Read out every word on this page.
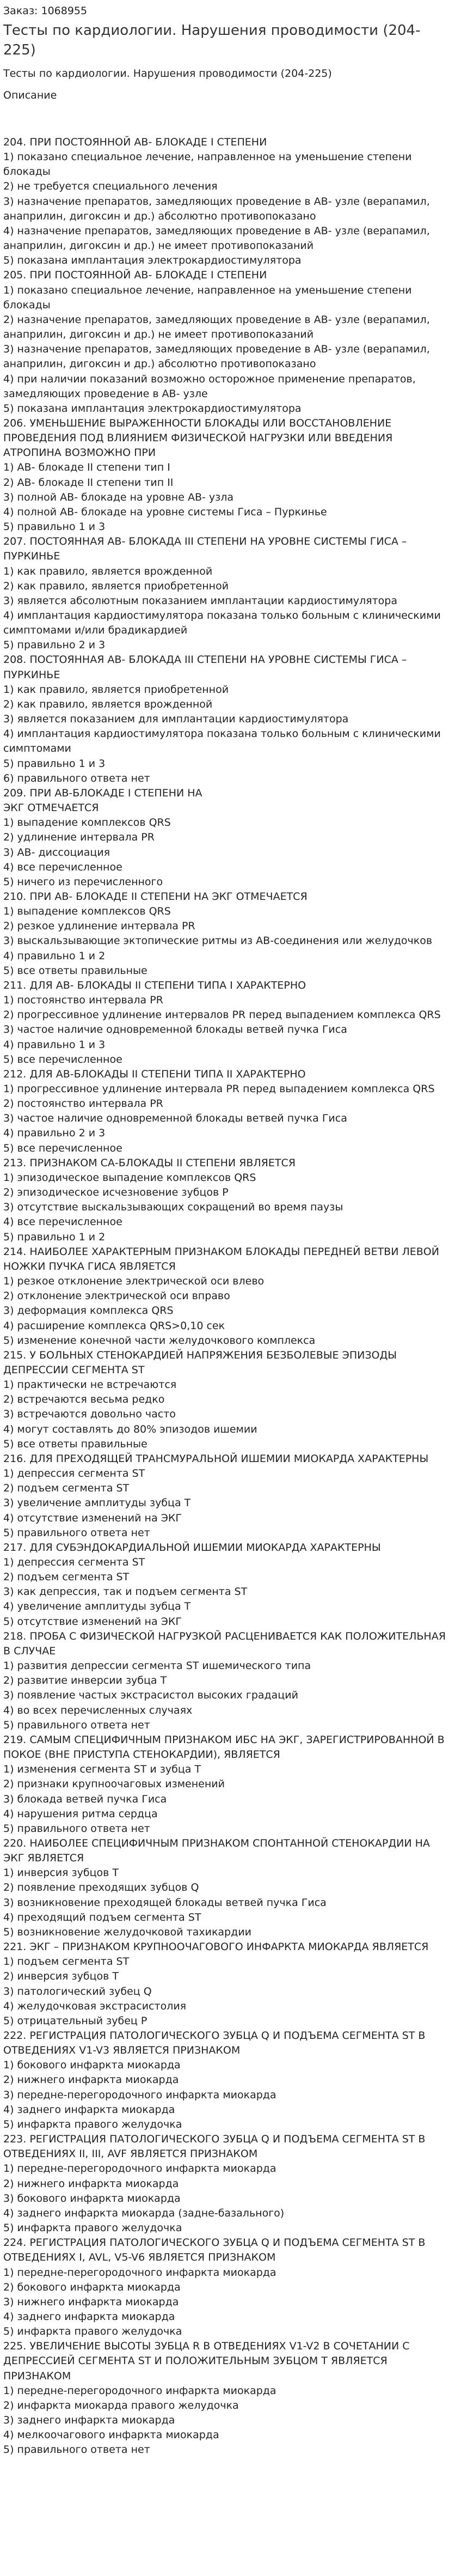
Заказ: 1068955

Тесты по кардиологии. Нарушения проводимости (204-225)

Тесты по кардиологии. Нарушения проводимости (204-225)

Описание

204. ПРИ ПОСТОЯННОЙ АВ- БЛОКАДЕ I СТЕПЕНИ

1) показано специальное лечение, направленное на уменьшение степени блокады

2) не требуется специального лечения

3) назначение препаратов, замедляющих проведение в АВ- узле (верапамил, анаприлин, дигоксин и др.) абсолютно противопоказано

4) назначение препаратов, замедляющих проведение в АВ- узле (верапамил, анаприлин, дигоксин и др.) не имеет противопоказаний

5) показана имплантация электрокардиостимулятора

205. ПРИ ПОСТОЯННОЙ АВ- БЛОКАДЕ I СТЕПЕНИ

1) показано специальное лечение, направленное на уменьшение степени блокады

2) назначение препаратов, замедляющих проведение в АВ- узле (верапамил, анаприлин, дигоксин и др.) не имеет противопоказаний

3) назначение препаратов, замедляющих проведение в АВ- узле (верапамил, анаприлин, дигоксин и др.) абсолютно противопоказано

4) при наличии показаний возможно осторожное применение препаратов, замедляющих проведение в АВ- узле

5) показана имплантация электрокардиостимулятора

206. УМЕНЬШЕНИЕ ВЫРАЖЕННОСТИ БЛОКАДЫ ИЛИ ВОССТАНОВЛЕНИЕ ПРОВЕДЕНИЯ ПОД ВЛИЯНИЕМ ФИЗИЧЕСКОЙ НАГРУЗКИ ИЛИ ВВЕДЕНИЯ АТРОПИНА ВОЗМОЖНО ПРИ

1) АВ- блокаде II степени тип I

2) АВ- блокаде II степени тип II

3) полной АВ- блокаде на уровне АВ- узла

4) полной АВ- блокаде на уровне системы Гиса – Пуркинье

5) правильно 1 и 3

207. ПОСТОЯННАЯ АВ- БЛОКАДА III СТЕПЕНИ НА УРОВНЕ СИСТЕМЫ ГИСА – ПУРКИНЬЕ

1) как правило, является врожденной

2) как правило, является приобретенной

3) является абсолютным показанием имплантации кардиостимулятора

4) имплантация кардиостимулятора показана только больным с клиническими симптомами и/или брадикардией

5) правильно 2 и 3

208. ПОСТОЯННАЯ АВ- БЛОКАДА III СТЕПЕНИ НА УРОВНЕ СИСТЕМЫ ГИСА – ПУРКИНЬЕ

1) как правило, является приобретенной

2) как правило, является врожденной

3) является показанием для имплантации кардиостимулятора

4) имплантация кардиостимулятора показана только больным с клиническими симптомами

5) правильно 1 и 3

6) правильного ответа нет

209. ПРИ АВ-БЛОКАДЕ I СТЕПЕНИ НА

ЭКГ ОТМЕЧАЕТСЯ

1) выпадение комплексов QRS

2) удлинение интервала PR

3) АВ- диссоциация

4) все перечисленное

5) ничего из перечисленного

210. ПРИ АВ- БЛОКАДЕ II СТЕПЕНИ НА ЭКГ ОТМЕЧАЕТСЯ

1) выпадение комплексов QRS

2) резкое удлинение интервала PR

3) выскальзывающие эктопические ритмы из АВ-соединения или желудочков

4) правильно 1 и 2

5) все ответы правильные

211. ДЛЯ АВ- БЛОКАДЫ II СТЕПЕНИ ТИПА I ХАРАКТЕРНО

1) постоянство интервала PR

2) прогрессивное удлинение интервалов PR перед выпадением комплекса QRS

3) частое наличие одновременной блокады ветвей пучка Гиса

4) правильно 1 и 3

5) все перечисленное

212. ДЛЯ АВ-БЛОКАДЫ II СТЕПЕНИ ТИПА II ХАРАКТЕРНО

1) прогрессивное удлинение интервала PR перед выпадением комплекса QRS

2) постоянство интервала PR

3) частое наличие одновременной блокады ветвей пучка Гиса

4) правильно 2 и 3

5) все перечисленное

213. ПРИЗНАКОМ СА-БЛОКАДЫ II СТЕПЕНИ ЯВЛЯЕТСЯ

1) эпизодическое выпадение комплексов QRS

2) эпизодическое исчезновение зубцов Р

3) отсутствие выскальзывающих сокращений во время паузы

4) все перечисленное

5) правильно 1 и 2

214. НАИБОЛЕЕ ХАРАКТЕРНЫМ ПРИЗНАКОМ БЛОКАДЫ ПЕРЕДНЕЙ ВЕТВИ ЛЕВОЙ НОЖКИ ПУЧКА ГИСА ЯВЛЯЕТСЯ

1) резкое отклонение электрической оси влево

2) отклонение электрической оси вправо

3) деформация комплекса QRS

4) расширение комплекса QRS>0,10 сек

5) изменение конечной части желудочкового комплекса

215. У БОЛЬНЫХ СТЕНОКАРДИЕЙ НАПРЯЖЕНИЯ БЕЗБОЛЕВЫЕ ЭПИЗОДЫ ДЕПРЕССИИ СЕГМЕНТА ST

1) практически не встречаются

2) встречаются весьма редко

3) встречаются довольно часто

4) могут составлять до 80% эпизодов ишемии

5) все ответы правильные

216. ДЛЯ ПРЕХОДЯЩЕЙ ТРАНСМУРАЛЬНОЙ ИШЕМИИ МИОКАРДА ХАРАКТЕРНЫ

1) депрессия сегмента ST

2) подъем сегмента ST

3) увеличение амплитуды зубца Т

4) отсутствие изменений на ЭКГ

5) правильного ответа нет

217. ДЛЯ СУБЭНДОКАРДИАЛЬНОЙ ИШЕМИИ МИОКАРДА ХАРАКТЕРНЫ

1) депрессия сегмента ST

2) подъем сегмента ST

3) как депрессия, так и подъем сегмента ST

4) увеличение амплитуды зубца Т

5) отсутствие изменений на ЭКГ

218. ПРОБА С ФИЗИЧЕСКОЙ НАГРУЗКОЙ РАСЦЕНИВАЕТСЯ КАК ПОЛОЖИТЕЛЬНАЯ В СЛУЧАЕ

1) развития депрессии сегмента ST ишемического типа

2) развитие инверсии зубца Т

3) появление частых экстрасистол высоких градаций

4) во всех перечисленных случаях

5) правильного ответа нет

219. САМЫМ СПЕЦИФИЧНЫМ ПРИЗНАКОМ ИБС НА ЭКГ, ЗАРЕГИСТРИРОВАННОЙ В ПОКОЕ (ВНЕ ПРИСТУПА СТЕНОКАРДИИ), ЯВЛЯЕТСЯ

1) изменения сегмента ST и зубца Т

2) признаки крупноочаговых изменений

3) блокада ветвей пучка Гиса

4) нарушения ритма сердца

5) правильного ответа нет

220. НАИБОЛЕЕ СПЕЦИФИЧНЫМ ПРИЗНАКОМ СПОНТАННОЙ СТЕНОКАРДИИ НА ЭКГ ЯВЛЯЕТСЯ

1) инверсия зубцов Т

2) появление преходящих зубцов Q

3) возникновение преходящей блокады ветвей пучка Гиса

4) преходящий подъем сегмента ST

5) возникновение желудочковой тахикардии

221. ЭКГ – ПРИЗНАКОМ КРУПНООЧАГОВОГО ИНФАРКТА МИОКАРДА ЯВЛЯЕТСЯ

1) подъем сегмента ST

2) инверсия зубцов Т

3) патологический зубец Q

4) желудочковая экстрасистолия

5) отрицательный зубец Р

222. РЕГИСТРАЦИЯ ПАТОЛОГИЧЕСКОГО ЗУБЦА Q И ПОДЪЕМА СЕГМЕНТА ST В ОТВЕДЕНИЯХ V1-V3 ЯВЛЯЕТСЯ ПРИЗНАКОМ

1) бокового инфаркта миокарда

2) нижнего инфаркта миокарда

3) передне-перегородочного инфаркта миокарда

4) заднего инфаркта миокарда

5) инфаркта правого желудочка

223. РЕГИСТРАЦИЯ ПАТОЛОГИЧЕСКОГО ЗУБЦА Q И ПОДЪЕМА СЕГМЕНТА ST В ОТВЕДЕНИЯХ II, III, AVF ЯВЛЯЕТСЯ ПРИЗНАКОМ

1) передне-перегородочного инфаркта миокарда

2) нижнего инфаркта миокарда

3) бокового инфаркта миокарда

4) заднего инфаркта миокарда (задне-базального)

5) инфаркта правого желудочка

224. РЕГИСТРАЦИЯ ПАТОЛОГИЧЕСКОГО ЗУБЦА Q И ПОДЪЕМА СЕГМЕНТА ST В ОТВЕДЕНИЯХ I, AVL, V5-V6 ЯВЛЯЕТСЯ ПРИЗНАКОМ

1) передне-перегородочного инфаркта миокарда

2) бокового инфаркта миокарда

3) нижнего инфаркта миокарда

4) заднего инфаркта миокарда

5) инфаркта правого желудочка

225. УВЕЛИЧЕНИЕ ВЫСОТЫ ЗУБЦА R В ОТВЕДЕНИЯХ V1-V2 В СОЧЕТАНИИ С ДЕПРЕССИЕЙ СЕГМЕНТА ST И ПОЛОЖИТЕЛЬНЫМ ЗУБЦОМ Т ЯВЛЯЕТСЯ ПРИЗНАКОМ

1) передне-перегородочного инфаркта миокарда

2) инфаркта миокарда правого желудочка

3) заднего инфаркта миокарда

4) мелкоочагового инфаркта миокарда

5) правильного ответа нет
